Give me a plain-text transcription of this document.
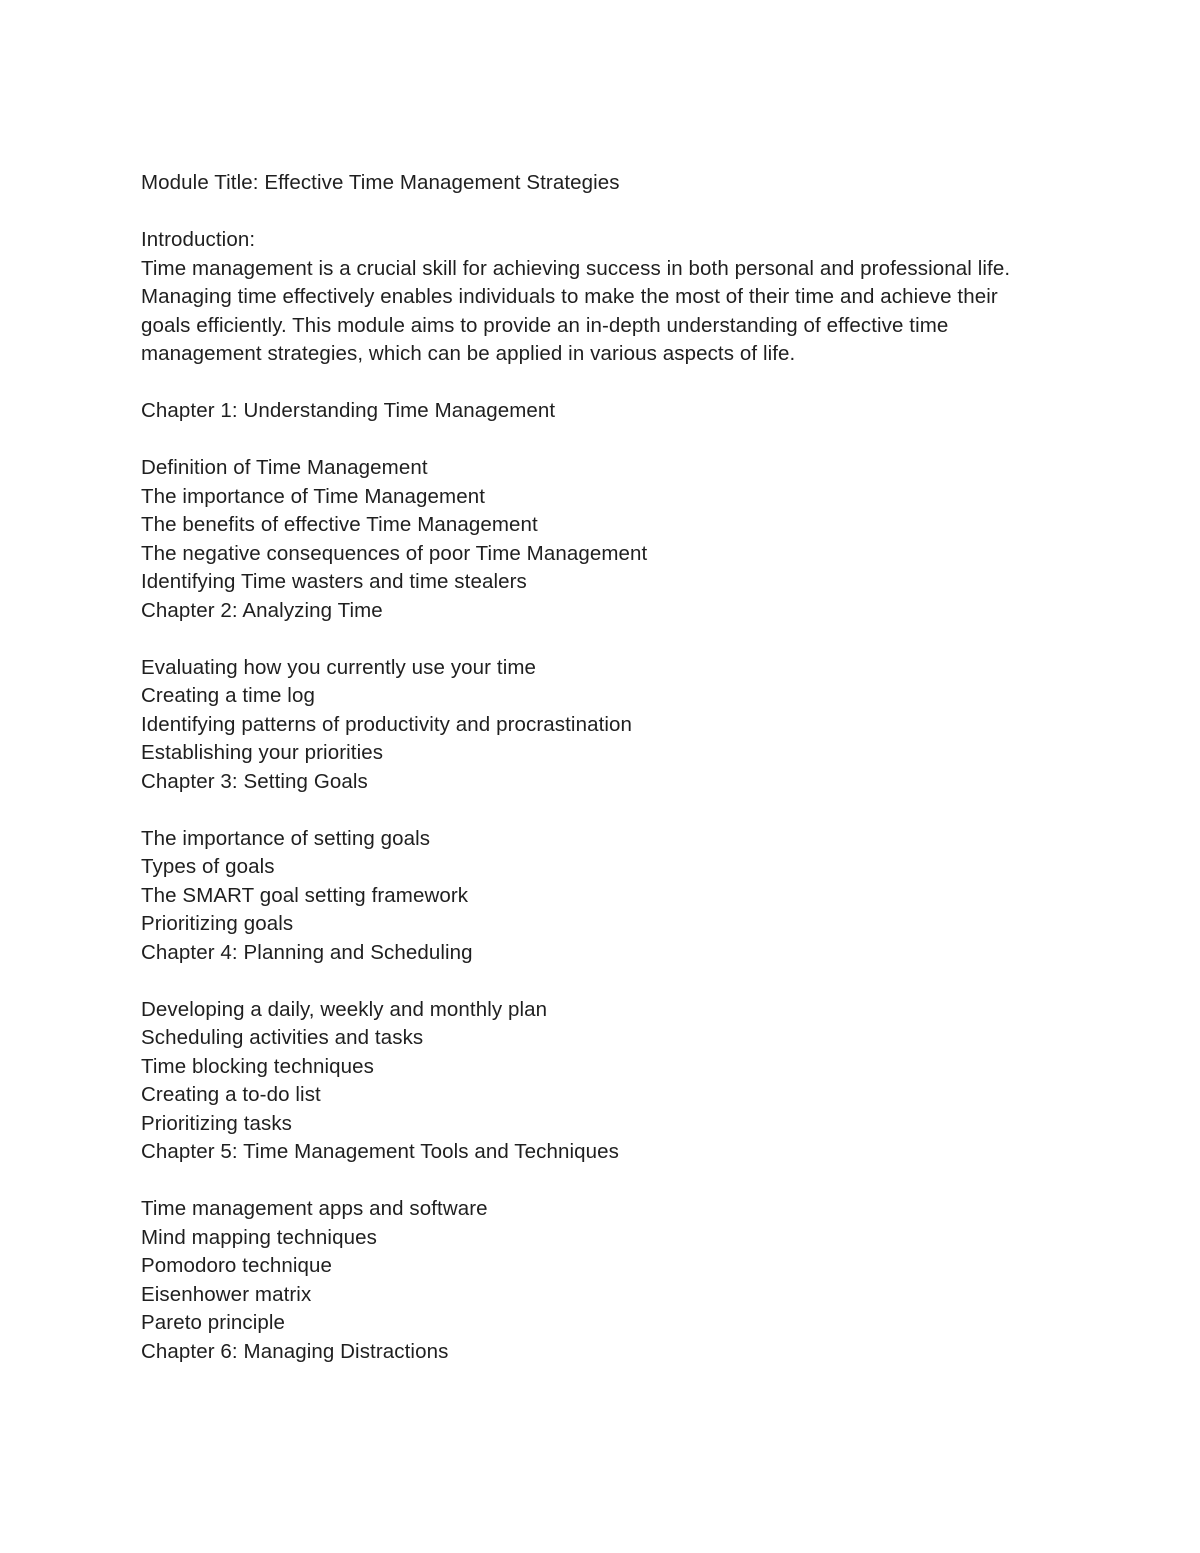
Module Title: Effective Time Management Strategies
Introduction:
Time management is a crucial skill for achieving success in both personal and professional life.
Managing time effectively enables individuals to make the most of their time and achieve their
goals efficiently. This module aims to provide an in-depth understanding of effective time
management strategies, which can be applied in various aspects of life.
Chapter 1: Understanding Time Management
Definition of Time Management
The importance of Time Management
The benefits of effective Time Management
The negative consequences of poor Time Management
Identifying Time wasters and time stealers
Chapter 2: Analyzing Time
Evaluating how you currently use your time
Creating a time log
Identifying patterns of productivity and procrastination
Establishing your priorities
Chapter 3: Setting Goals
The importance of setting goals
Types of goals
The SMART goal setting framework
Prioritizing goals
Chapter 4: Planning and Scheduling
Developing a daily, weekly and monthly plan
Scheduling activities and tasks
Time blocking techniques
Creating a to-do list
Prioritizing tasks
Chapter 5: Time Management Tools and Techniques
Time management apps and software
Mind mapping techniques
Pomodoro technique
Eisenhower matrix
Pareto principle
Chapter 6: Managing Distractions
